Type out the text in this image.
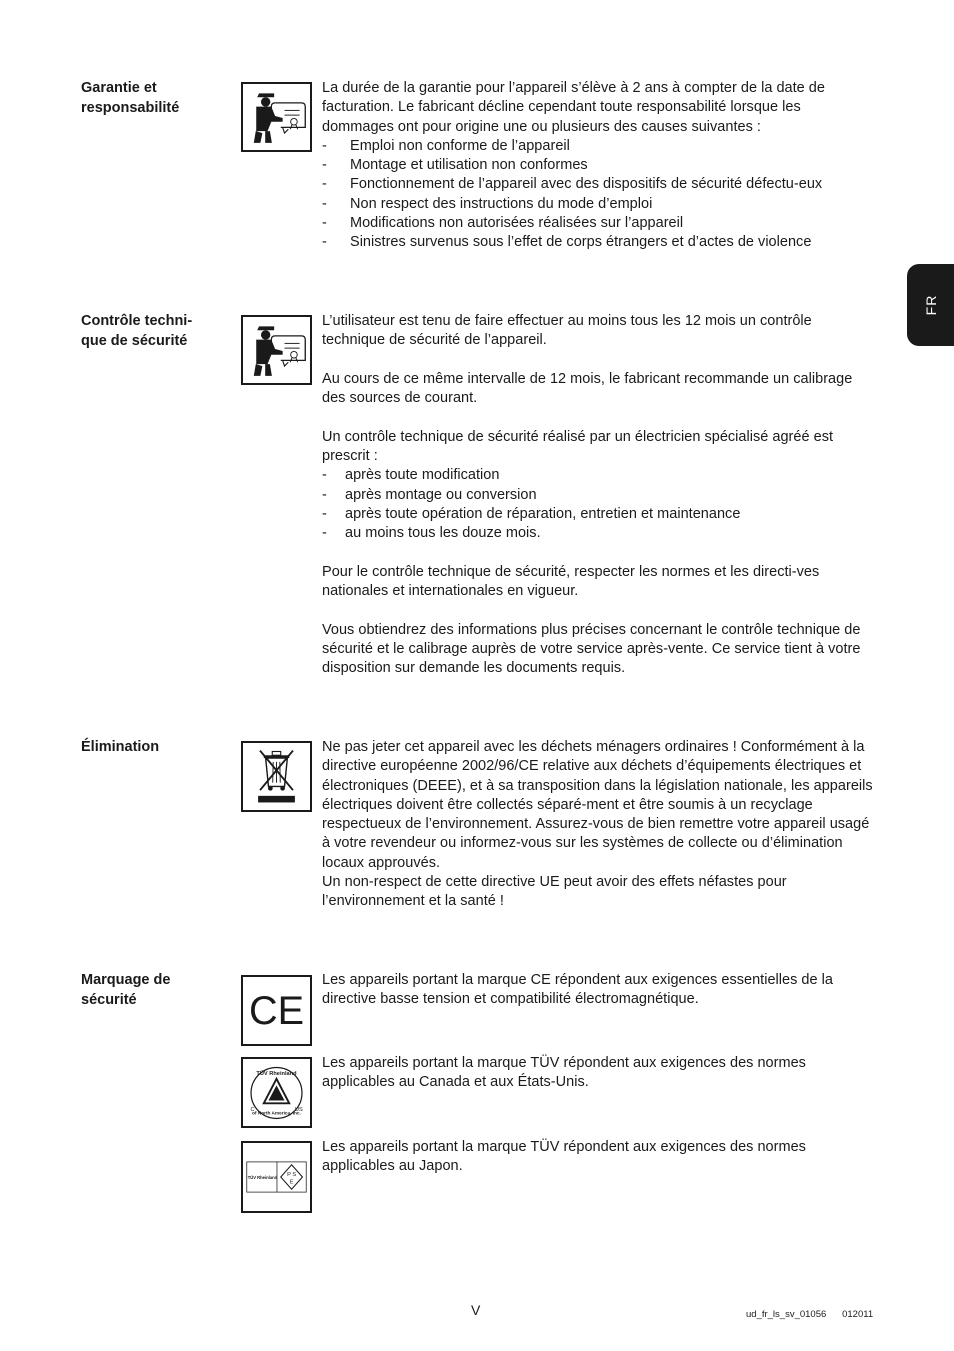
FR
Garantie et responsabilité

La durée de la garantie pour l’appareil s’élève à 2 ans à compter de la date de facturation. Le fabricant décline cependant toute responsabilité lorsque les dommages ont pour origine une ou plusieurs des causes suivantes :

- Emploi non conforme de l’appareil
- Montage et utilisation non conformes
- Fonctionnement de l’appareil avec des dispositifs de sécurité défectu-eux
- Non respect des instructions du mode d’emploi
- Modifications non autorisées réalisées sur l’appareil
- Sinistres survenus sous l’effet de corps étrangers et d’actes de violence
Contrôle techni-que de sécurité

L’utilisateur est tenu de faire effectuer au moins tous les 12 mois un contrôle technique de sécurité de l’appareil.

Au cours de ce même intervalle de 12 mois, le fabricant recommande un calibrage des sources de courant.

Un contrôle technique de sécurité réalisé par un électricien spécialisé agréé est prescrit :

- après toute modification
- après montage ou conversion
- après toute opération de réparation, entretien et maintenance
- au moins tous les douze mois.

Pour le contrôle technique de sécurité, respecter les normes et les directi-ves nationales et internationales en vigueur.

Vous obtiendrez des informations plus précises concernant le contrôle technique de sécurité et le calibrage auprès de votre service après-vente. Ce service tient à votre disposition sur demande les documents requis.

Élimination	Ne pas jeter cet appareil avec les déchets ménagers ordinaires ! Conformément à la directive européenne 2002/96/CE relative aux déchets d’équipements électriques et électroniques (DEEE), et à sa transposition dans la législation nationale, les appareils électriques doivent être collectés séparé-ment et être soumis à un recyclage respectueux de l’environnement. Assurez-vous de bien remettre votre appareil usagé à votre revendeur ou informez-vous sur les systèmes de collecte ou d’élimination locaux approuvés.

Un non-respect de cette directive UE peut avoir des effets néfastes pour l’environnement et la santé !

Marquage de sécurité	CE
Les appareils portant la marque CE répondent aux exigences essentielles de la directive basse tension et compatibilité électromagnétique.
TÜV Rheinland
C	US
of North America, Inc.
Les appareils portant la marque TÜV répondent aux exigences des normes applicables au Canada et aux États-Unis.
TÜV Rheinland P S
E
Les appareils portant la marque TÜV répondent aux exigences des normes applicables au Japon.
V	ud_fr_ls_sv_01056      012011
